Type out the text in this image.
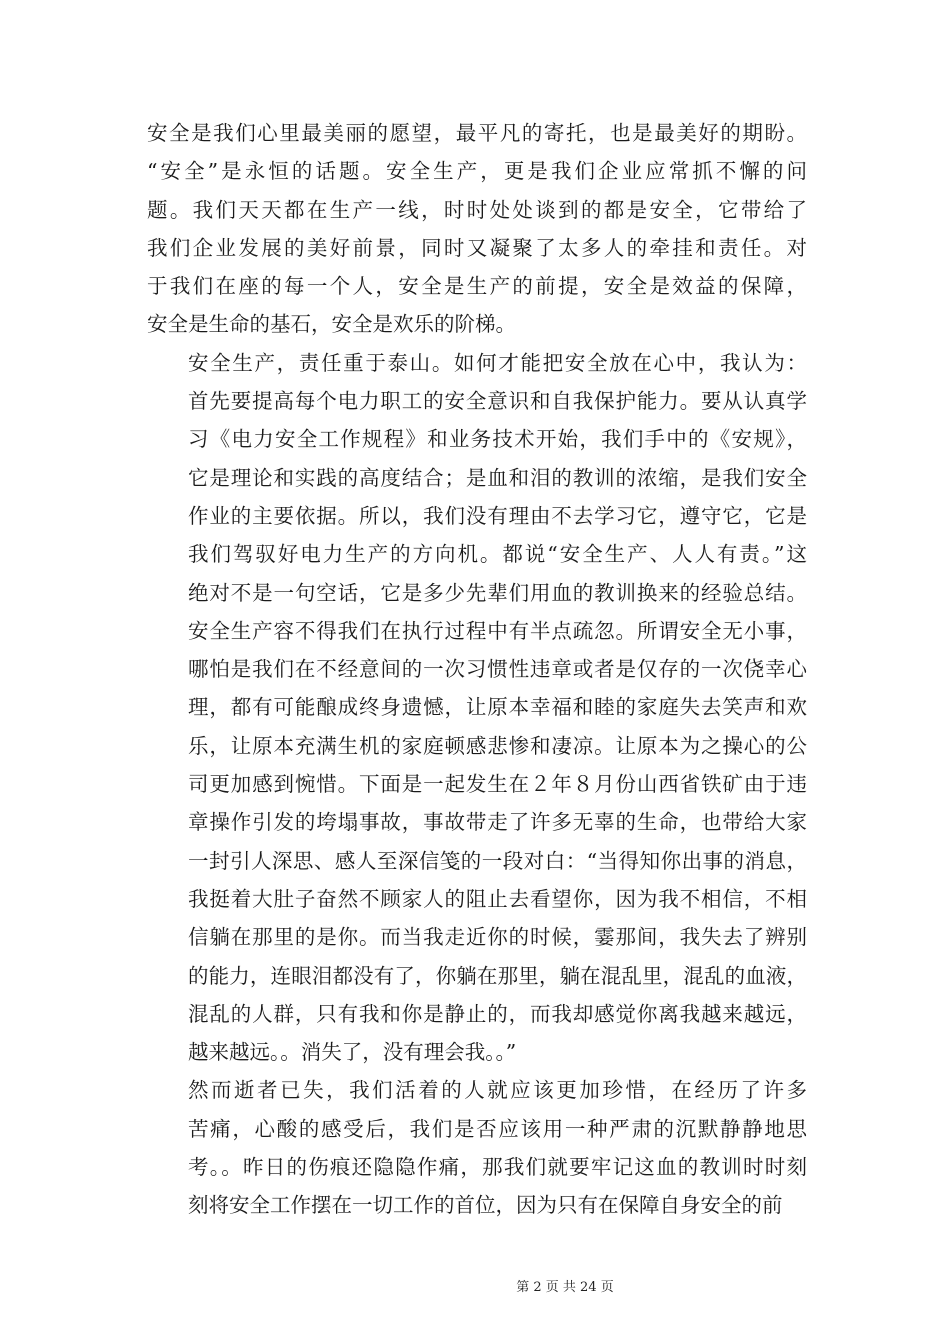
安全是我们心里最美丽的愿望，最平凡的寄托，也是最美好的期盼。
“安全”是永恒的话题。安全生产，更是我们企业应常抓不懈的问
题。我们天天都在生产一线，时时处处谈到的都是安全，它带给了
我们企业发展的美好前景，同时又凝聚了太多人的牵挂和责任。对
于我们在座的每一个人，安全是生产的前提，安全是效益的保障，
安全是生命的基石，安全是欢乐的阶梯。

安全生产，责任重于泰山。如何才能把安全放在心中，我认为：
首先要提高每个电力职工的安全意识和自我保护能力。要从认真学
习《电力安全工作规程》和业务技术开始，我们手中的《安规》，
它是理论和实践的高度结合；是血和泪的教训的浓缩，是我们安全
作业的主要依据。所以，我们没有理由不去学习它，遵守它，它是
我们驾驭好电力生产的方向机。都说“安全生产、人人有责。”这
绝对不是一句空话，它是多少先辈们用血的教训换来的经验总结。
安全生产容不得我们在执行过程中有半点疏忽。所谓安全无小事，
哪怕是我们在不经意间的一次习惯性违章或者是仅存的一次侥幸心
理，都有可能酿成终身遗憾，让原本幸福和睦的家庭失去笑声和欢
乐，让原本充满生机的家庭顿感悲惨和凄凉。让原本为之操心的公
司更加感到惋惜。下面是一起发生在２年８月份山西省铁矿由于违
章操作引发的垮塌事故，事故带走了许多无辜的生命，也带给大家
一封引人深思、感人至深信笺的一段对白：“当得知你出事的消息，
我挺着大肚子奋然不顾家人的阻止去看望你，因为我不相信，不相
信躺在那里的是你。而当我走近你的时候，霎那间，我失去了辨别
的能力，连眼泪都没有了，你躺在那里，躺在混乱里，混乱的血液，
混乱的人群，只有我和你是静止的，而我却感觉你离我越来越远，
越来越远。。消失了，没有理会我。。”

然而逝者已失，我们活着的人就应该更加珍惜，在经历了许多
苦痛，心酸的感受后，我们是否应该用一种严肃的沉默静静地思
考。。昨日的伤痕还隐隐作痛，那我们就要牢记这血的教训时时刻
刻将安全工作摆在一切工作的首位，因为只有在保障自身安全的前

第 2 页 共 24 页
